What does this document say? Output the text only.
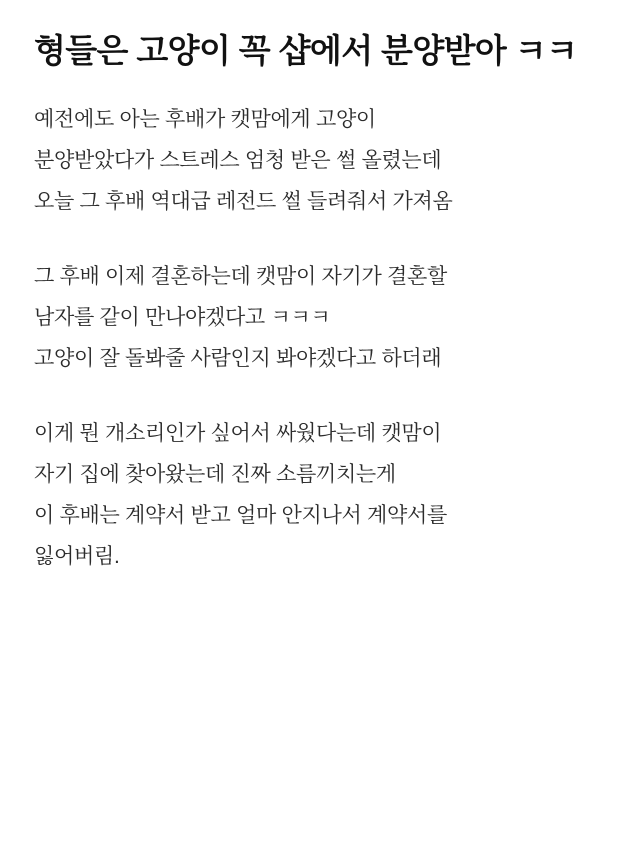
형들은 고양이 꼭 샵에서 분양받아 ㅋㅋ

예전에도 아는 후배가 캣맘에게 고양이
분양받았다가 스트레스 엄청 받은 썰 올렸는데
오늘 그 후배 역대급 레전드 썰 들려줘서 가져옴

그 후배 이제 결혼하는데 캣맘이 자기가 결혼할
남자를 같이 만나야겠다고 ㅋㅋㅋ
고양이 잘 돌봐줄 사람인지 봐야겠다고 하더래

이게 뭔 개소리인가 싶어서 싸웠다는데 캣맘이
자기 집에 찾아왔는데 진짜 소름끼치는게
이 후배는 계약서 받고 얼마 안지나서 계약서를
잃어버림.
